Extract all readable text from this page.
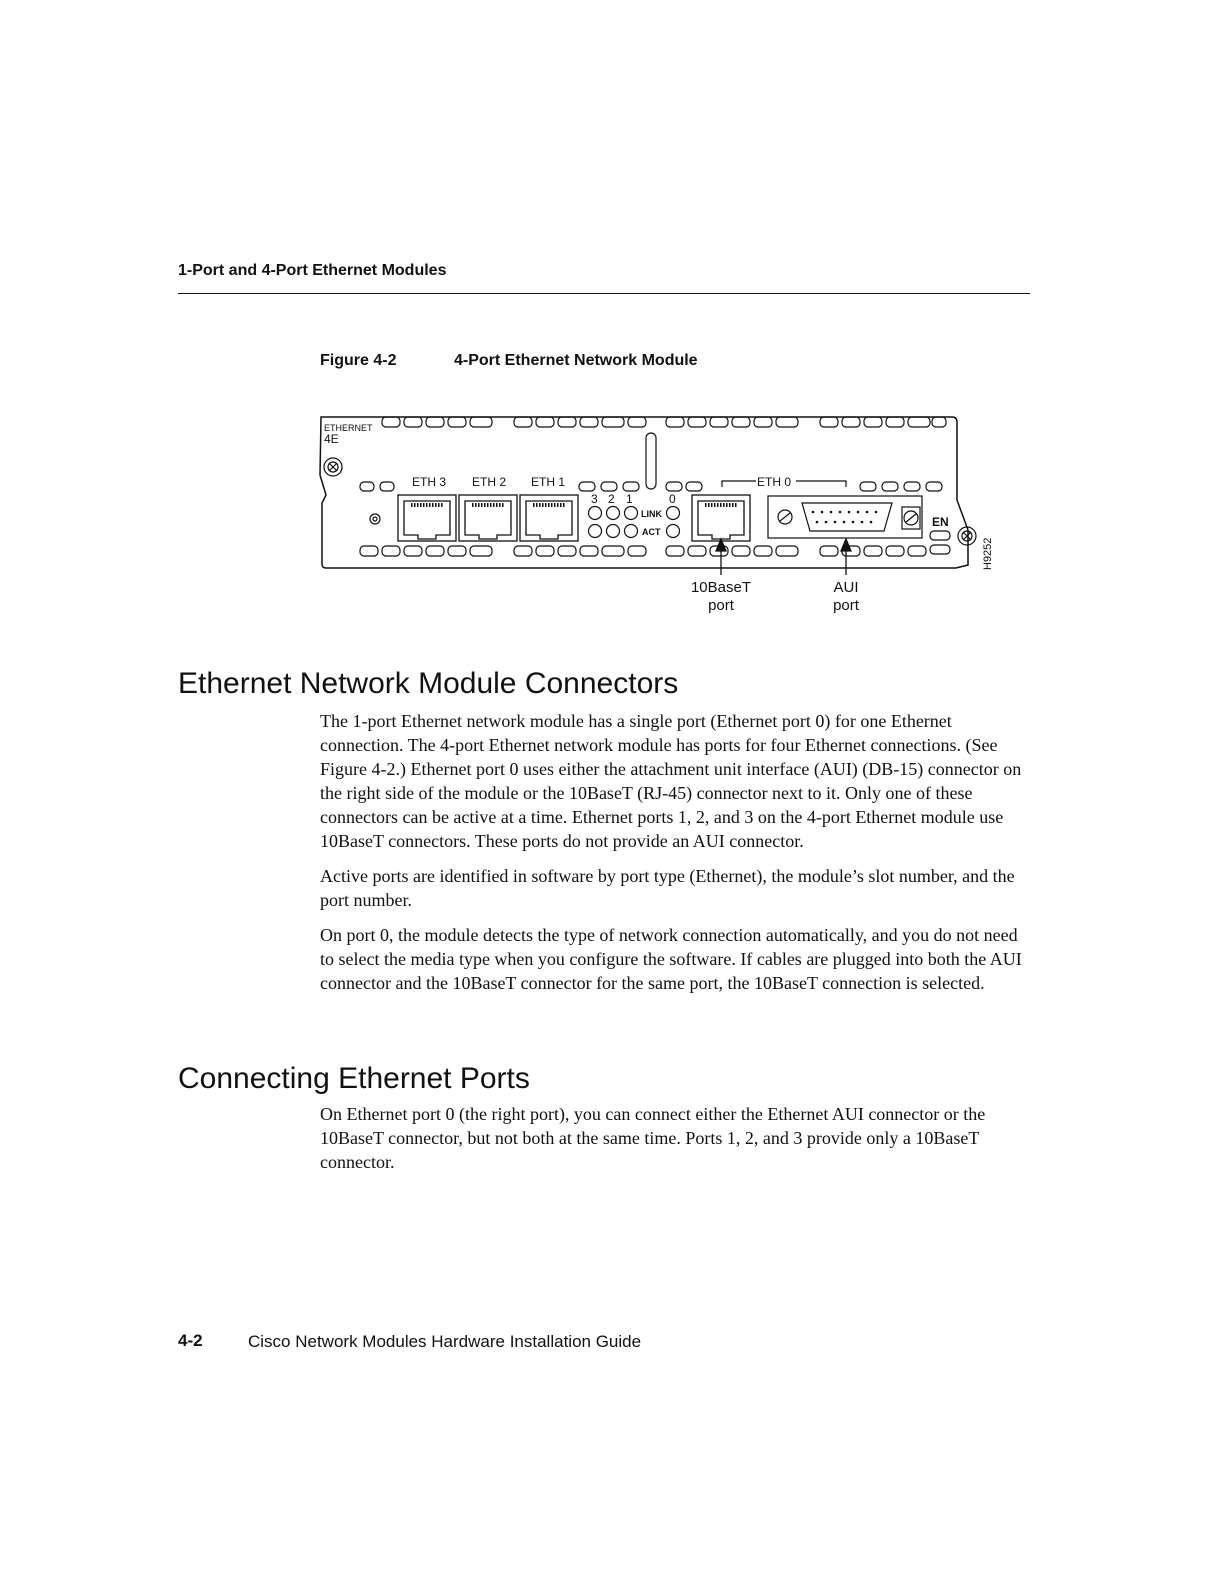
1-Port and 4-Port Ethernet Modules
Figure 4-2	4-Port Ethernet Network Module
ETHERNET
4E
ETH 3 ETH 2 ETH 1	ETH 0
3 2 1	0
LINK
ACT
EN
H9252
10BaseT
port
AUI
port
Ethernet Network Module Connectors

The 1-port Ethernet network module has a single port (Ethernet port 0) for one Ethernet connection. The 4-port Ethernet network module has ports for four Ethernet connections. (See Figure 4-2.) Ethernet port 0 uses either the attachment unit interface (AUI) (DB-15) connector on the right side of the module or the 10BaseT (RJ-45) connector next to it. Only one of these connectors can be active at a time. Ethernet ports 1, 2, and 3 on the 4-port Ethernet module use 10BaseT connectors. These ports do not provide an AUI connector.

Active ports are identified in software by port type (Ethernet), the module’s slot number, and the port number.

On port 0, the module detects the type of network connection automatically, and you do not need to select the media type when you configure the software. If cables are plugged into both the AUI connector and the 10BaseT connector for the same port, the 10BaseT connection is selected.

Connecting Ethernet Ports

On Ethernet port 0 (the right port), you can connect either the Ethernet AUI connector or the 10BaseT connector, but not both at the same time. Ports 1, 2, and 3 provide only a 10BaseT connector.

4-2	Cisco Network Modules Hardware Installation Guide
